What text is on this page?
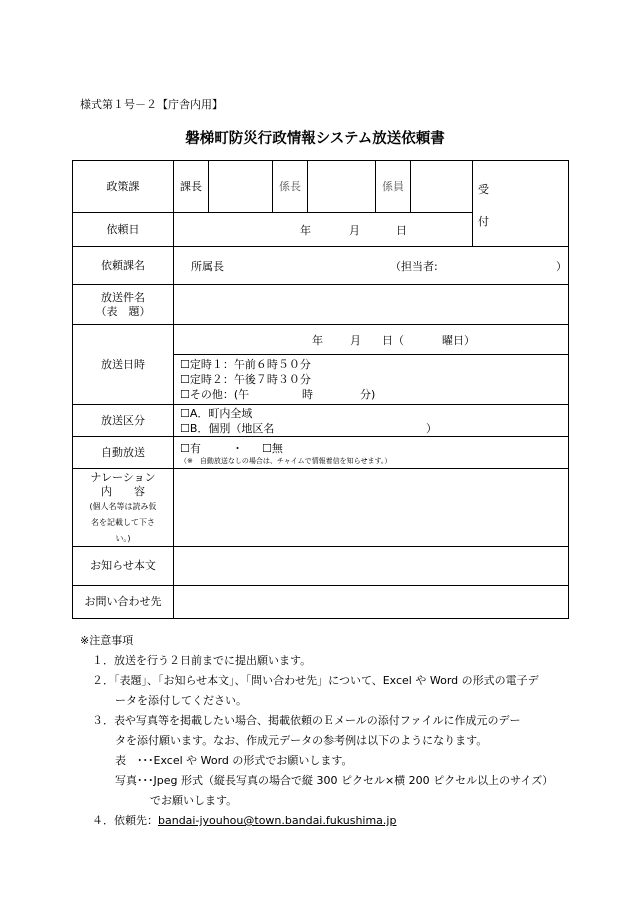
様式第１号－２【庁舎内用】
磐梯町防災行政情報システム放送依頼書
政策課	課長		係長		係員		受
付

依頼日	年 月 日						

依頼課名	所属長 （担当者: ）						

放送件名
（表　題）							

放送日時	年 月 日（ 曜日）						

	☐定時１：午前６時５０分
☐定時２：午後７時３０分
☐その他：(午 時 分)						

放送区分	☐A．町内全域
☐B．個別（地区名 ）						

自動放送	☐有 ・ ☐無
（※　自動放送なしの場合は、チャイムで情報着信を知らせます。）						

ナレーション
内　　容
(個人名等は読み仮
名を記載して下さ
い。)							

お知らせ本文							
お問い合わせ先							
※注意事項
１．放送を行う２日前までに提出願います。
２．「表題」、「お知らせ本文」、「問い合わせ先」について、Excel や Word の形式の電子デ
ータを添付してください。
３．表や写真等を掲載したい場合、掲載依頼のＥメールの添付ファイルに作成元のデー
タを添付願います。なお、作成元データの参考例は以下のようになります。
表　･･･Excel や Word の形式でお願いします。
写真･･･Jpeg 形式（縦長写真の場合で縦 300 ピクセル×横 200 ピクセル以上のサイズ）
でお願いします。
４．依頼先：bandai-jyouhou@town.bandai.fukushima.jp
